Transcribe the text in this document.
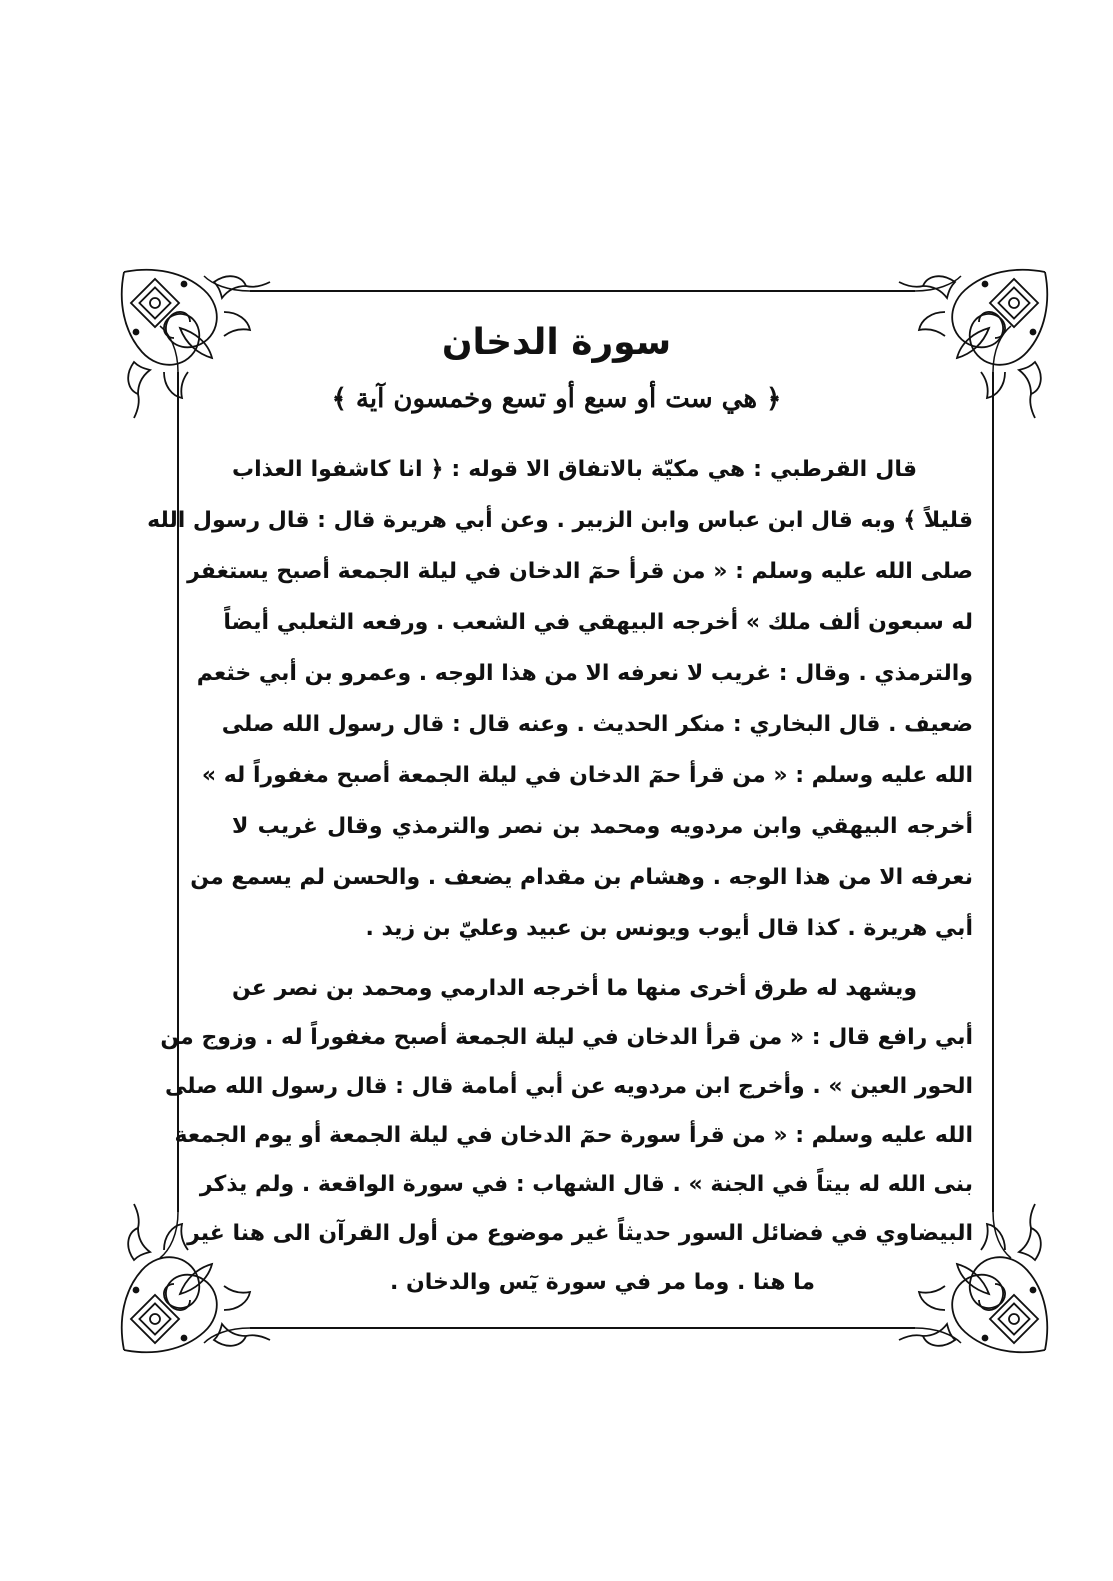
سورة الدخان
﴿ هي ست أو سبع أو تسع وخمسون آية ﴾
قال القرطبي : هي مكيّة بالاتفاق الا قوله : ﴿ انا كاشفوا العذاب
قليلاً ﴾ وبه قال ابن عباس وابن الزبير . وعن أبي هريرة قال : قال رسول الله
صلى الله عليه وسلم : « من قرأ حمٓ الدخان في ليلة الجمعة أصبح يستغفر
له سبعون ألف ملك » أخرجه البيهقي في الشعب . ورفعه الثعلبي أيضاً
والترمذي . وقال : غريب لا نعرفه الا من هذا الوجه . وعمرو بن أبي خثعم
ضعيف . قال البخاري : منكر الحديث . وعنه قال : قال رسول الله صلى
الله عليه وسلم : « من قرأ حمٓ الدخان في ليلة الجمعة أصبح مغفوراً له »
أخرجه البيهقي وابن مردويه ومحمد بن نصر والترمذي وقال غريب لا
نعرفه الا من هذا الوجه . وهشام بن مقدام يضعف . والحسن لم يسمع من
أبي هريرة . كذا قال أيوب ويونس بن عبيد وعليّ بن زيد .
ويشهد له طرق أخرى منها ما أخرجه الدارمي ومحمد بن نصر عن
أبي رافع قال : « من قرأ الدخان في ليلة الجمعة أصبح مغفوراً له . وزوج من
الحور العين » . وأخرج ابن مردويه عن أبي أمامة قال : قال رسول الله صلى
الله عليه وسلم : « من قرأ سورة حمٓ الدخان في ليلة الجمعة أو يوم الجمعة
بنى الله له بيتاً في الجنة » . قال الشهاب : في سورة الواقعة . ولم يذكر
البيضاوي في فضائل السور حديثاً غير موضوع من أول القرآن الى هنا غير
ما هنا . وما مر في سورة يٓس والدخان .
